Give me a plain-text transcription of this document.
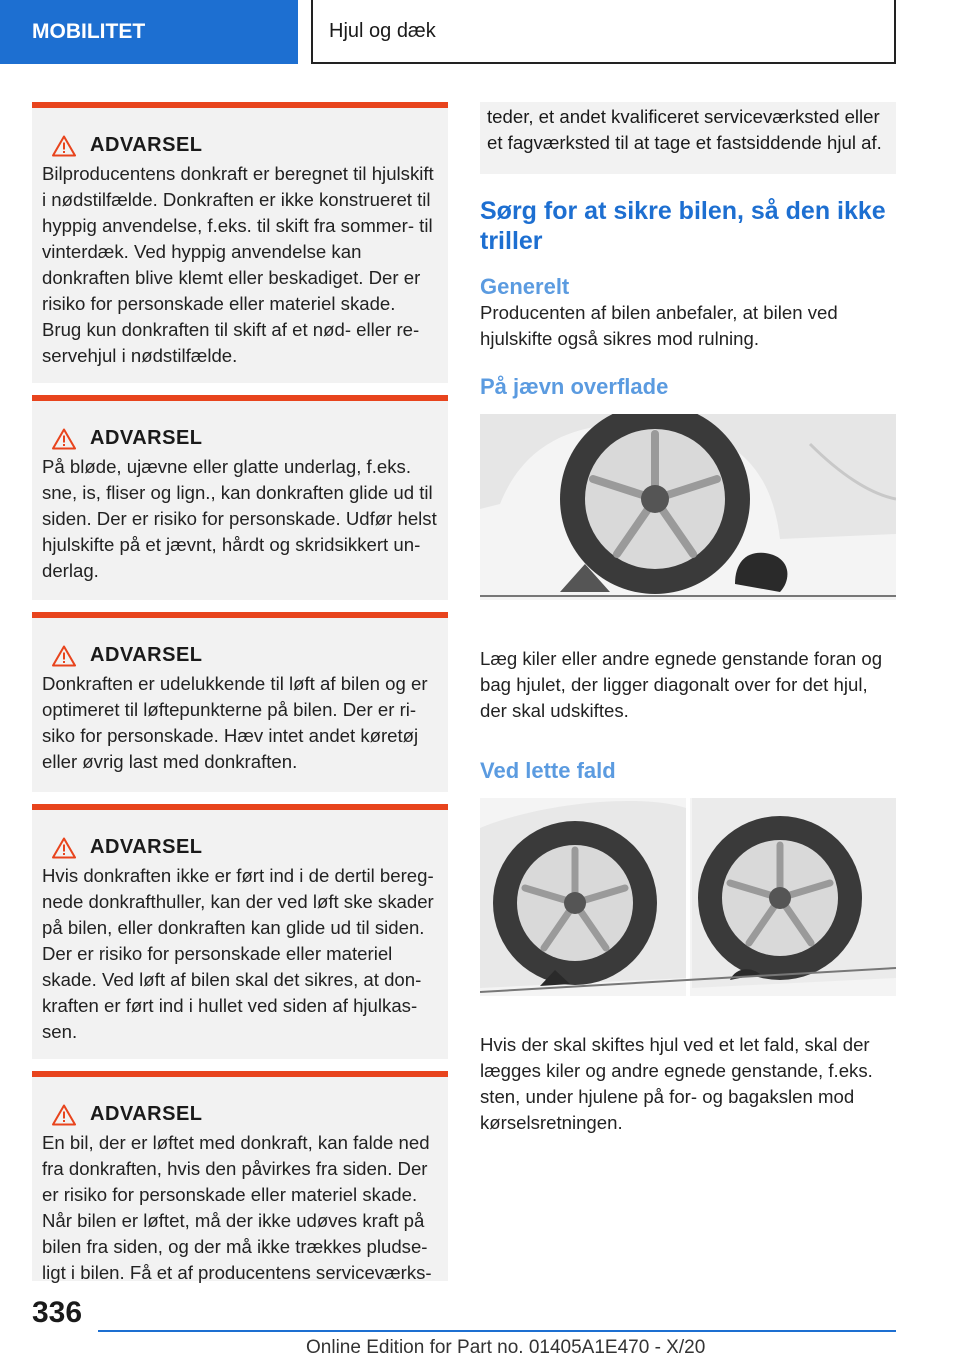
MOBILITET	Hjul og dæk
ADVARSEL
Bilproducentens donkraft er beregnet til hjulskift i nødstilfælde. Donkraften er ikke konstrueret til hyppig anvendelse, f.eks. til skift fra sommer- til vinterdæk. Ved hyppig anvendelse kan donkraften blive klemt eller beskadiget. Der er risiko for personskade eller materiel skade. Brug kun donkraften til skift af et nød- eller reservehjul i nødstilfælde.
ADVARSEL
På bløde, ujævne eller glatte underlag, f.eks. sne, is, fliser og lign., kan donkraften glide ud til siden. Der er risiko for personskade. Udfør helst hjulskifte på et jævnt, hårdt og skridsikkert underlag.
ADVARSEL
Donkraften er udelukkende til løft af bilen og er optimeret til løftepunkterne på bilen. Der er risiko for personskade. Hæv intet andet køretøj eller øvrig last med donkraften.
ADVARSEL
Hvis donkraften ikke er ført ind i de dertil beregnede donkrafthuller, kan der ved løft ske skader på bilen, eller donkraften kan glide ud til siden. Der er risiko for personskade eller materiel skade. Ved løft af bilen skal det sikres, at donkraften er ført ind i hullet ved siden af hjulkassen.
ADVARSEL
En bil, der er løftet med donkraft, kan falde ned fra donkraften, hvis den påvirkes fra siden. Der er risiko for personskade eller materiel skade. Når bilen er løftet, må der ikke udøves kraft på bilen fra siden, og der må ikke trækkes pludseligt i bilen. Få et af producentens serviceværks-
teder, et andet kvalificeret serviceværksted eller et fagværksted til at tage et fastsiddende hjul af.
Sørg for at sikre bilen, så den ikke triller
Generelt
Producenten af bilen anbefaler, at bilen ved hjulskifte også sikres mod rulning.
På jævn overflade
Læg kiler eller andre egnede genstande foran og bag hjulet, der ligger diagonalt over for det hjul, der skal udskiftes.
Ved lette fald
Hvis der skal skiftes hjul ved et let fald, skal der lægges kiler og andre egnede genstande, f.eks. sten, under hjulene på for- og bagakslen mod kørselsretningen.
336
Online Edition for Part no. 01405A1E470 - X/20
